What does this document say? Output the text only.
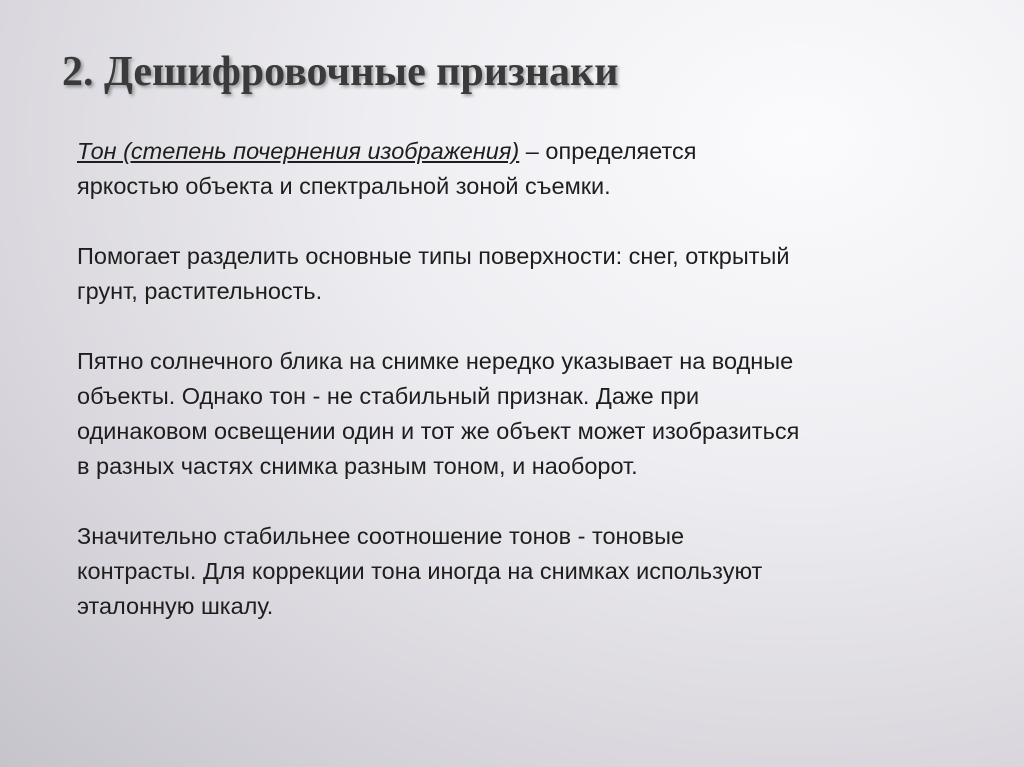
2. Дешифровочные признаки
Тон (степень почернения изображения) – определяется
яркостью объекта и спектральной зоной съемки.
Помогает разделить основные типы поверхности: снег, открытый
грунт, растительность.
Пятно солнечного блика на снимке нередко указывает на водные
объекты. Однако тон - не стабильный признак. Даже при
одинаковом освещении один и тот же объект может изобразиться
в разных частях снимка разным тоном, и наоборот.
Значительно стабильнее соотношение тонов - тоновые
контрасты. Для коррекции тона иногда на снимках используют
эталонную шкалу.
